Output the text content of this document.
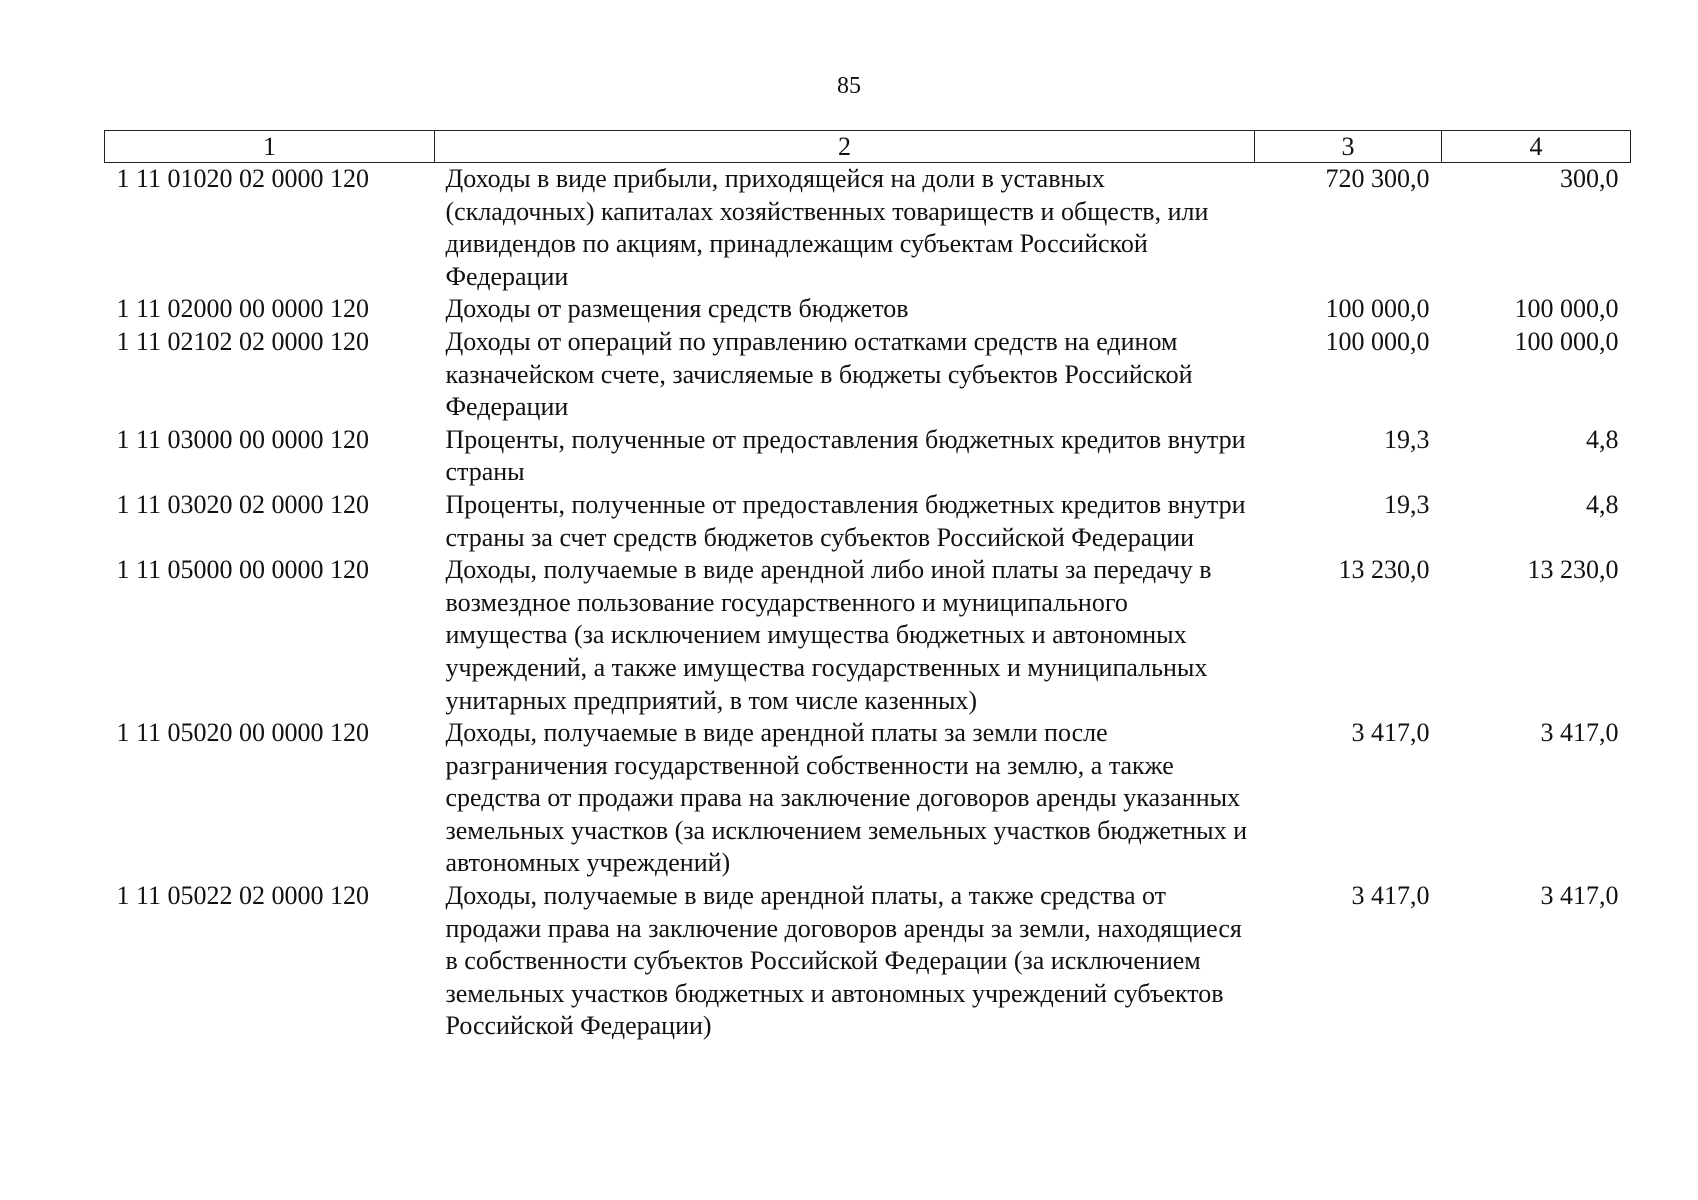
85
1	2	3	4
1 11 01020 02 0000 120	Доходы в виде прибыли, приходящейся на доли в уставных (складочных) капиталах хозяйственных товариществ и обществ, или дивидендов по акциям, принадлежащим субъектам Российской Федерации	720 300,0	300,0
1 11 02000 00 0000 120	Доходы от размещения средств бюджетов	100 000,0	100 000,0
1 11 02102 02 0000 120	Доходы от операций по управлению остатками средств на едином казначейском счете, зачисляемые в бюджеты субъектов Российской Федерации	100 000,0	100 000,0
1 11 03000 00 0000 120	Проценты, полученные от предоставления бюджетных кредитов внутри страны	19,3	4,8
1 11 03020 02 0000 120	Проценты, полученные от предоставления бюджетных кредитов внутри страны за счет средств бюджетов субъектов Российской Федерации	19,3	4,8
1 11 05000 00 0000 120	Доходы, получаемые в виде арендной либо иной платы за передачу в возмездное пользование государственного и муниципального имущества (за исключением имущества бюджетных и автономных учреждений, а также имущества государственных и муниципальных унитарных предприятий, в том числе казенных)	13 230,0	13 230,0
1 11 05020 00 0000 120	Доходы, получаемые в виде арендной платы за земли после разграничения государственной собственности на землю, а также средства от продажи права на заключение договоров аренды указанных земельных участков (за исключением земельных участков бюджетных и автономных учреждений)	3 417,0	3 417,0
1 11 05022 02 0000 120	Доходы, получаемые в виде арендной платы, а также средства от продажи права на заключение договоров аренды за земли, находящиеся в собственности субъектов Российской Федерации (за исключением земельных участков бюджетных и автономных учреждений субъектов Российской Федерации)	3 417,0	3 417,0
